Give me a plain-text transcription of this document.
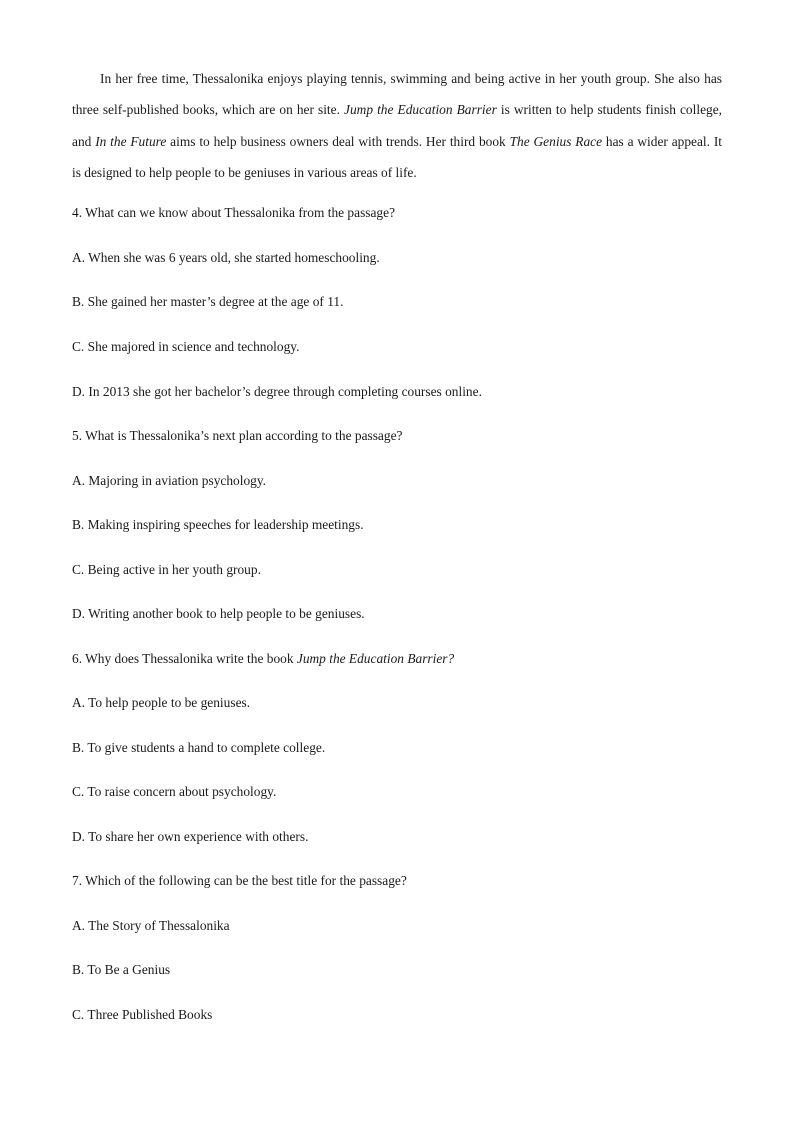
In her free time, Thessalonika enjoys playing tennis, swimming and being active in her youth group. She also has three self-published books, which are on her site. Jump the Education Barrier is written to help students finish college, and In the Future aims to help business owners deal with trends. Her third book The Genius Race has a wider appeal. It is designed to help people to be geniuses in various areas of life.

4. What can we know about Thessalonika from the passage?

A. When she was 6 years old, she started homeschooling.

B. She gained her master’s degree at the age of 11.

C. She majored in science and technology.

D. In 2013 she got her bachelor’s degree through completing courses online.

5. What is Thessalonika’s next plan according to the passage?

A. Majoring in aviation psychology.

B. Making inspiring speeches for leadership meetings.

C. Being active in her youth group.

D. Writing another book to help people to be geniuses.

6. Why does Thessalonika write the book Jump the Education Barrier?

A. To help people to be geniuses.

B. To give students a hand to complete college.

C. To raise concern about psychology.

D. To share her own experience with others.

7. Which of the following can be the best title for the passage?

A. The Story of Thessalonika

B. To Be a Genius

C. Three Published Books
